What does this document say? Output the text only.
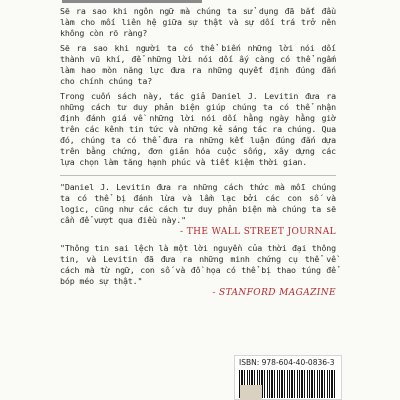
Sẽ ra sao khi ngôn ngữ mà chúng ta sử dụng đã bắt đầu làm cho mối liên hệ giữa sự thật và sự dối trá trở nên không còn rõ ràng?

Sẽ ra sao khi người ta có thể biến những lời nói dối thành vũ khí, để những lời nói dối ấy càng có thể ngấm làm hao mòn năng lực đưa ra những quyết định đúng đắn cho chính chúng ta?

Trong cuốn sách này, tác giả Daniel J. Levitin đưa ra những cách tư duy phản biện giúp chúng ta có thể nhận định đánh giá về những lời nói dối hằng ngày hằng giờ trên các kênh tin tức và những kẻ sáng tác ra chúng. Qua đó, chúng ta có thể đưa ra những kết luận đúng đắn dựa trên bằng chứng, đơn giản hóa cuộc sống, xây dựng các lựa chọn làm tăng hạnh phúc và tiết kiệm thời gian.

"Daniel J. Levitin đưa ra những cách thức mà mỗi chúng ta có thể bị đánh lừa và lầm lạc bởi các con số và logic, cũng như các cách tư duy phản biện mà chúng ta sẽ cần để vượt qua điều này."

- THE WALL STREET JOURNAL

"Thông tin sai lệch là một lời nguyền của thời đại thông tin, và Levitin đã đưa ra những minh chứng cụ thể về cách mà từ ngữ, con số và đồ họa có thể bị thao túng để bóp méo sự thật."

- STANFORD MAGAZINE
ISBN: 978-604-40-0836-3
